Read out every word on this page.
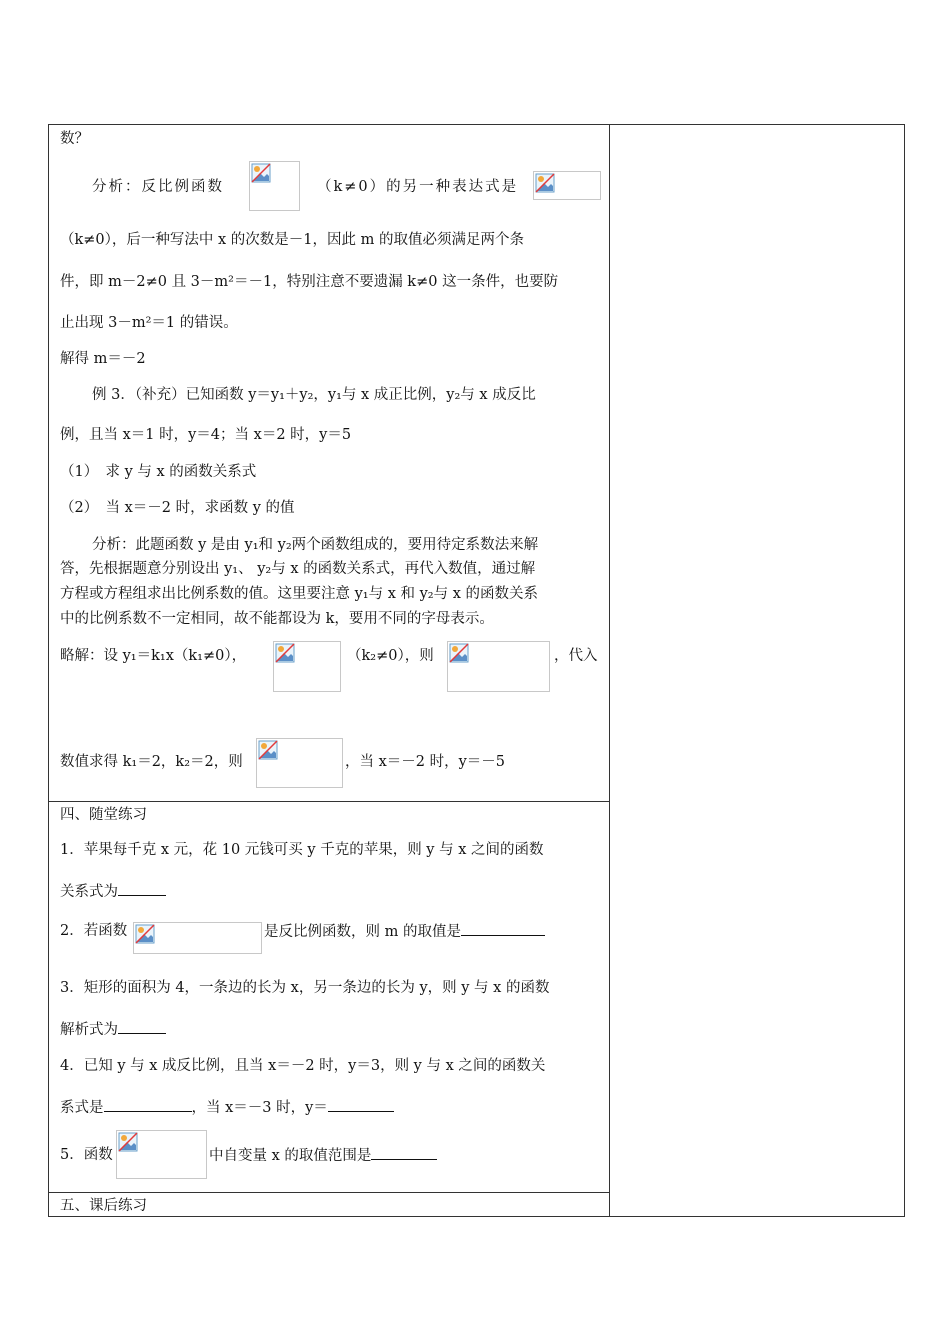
数？
分析：反比例函数	（k≠0）的另一种表达式是
（k≠0），后一种写法中 x 的次数是－1，因此 m 的取值必须满足两个条
件，即 m－2≠0 且 3－m²＝－1，特别注意不要遗漏 k≠0 这一条件，也要防
止出现 3－m²＝1 的错误。
解得 m＝－2
例 3．（补充）已知函数 y＝y₁＋y₂，y₁与 x 成正比例，y₂与 x 成反比
例，且当 x＝1 时，y＝4；当 x＝2 时，y＝5
（1）　求 y 与 x 的函数关系式
（2）　当 x＝－2 时，求函数 y 的值
分析：此题函数 y 是由 y₁和 y₂两个函数组成的，要用待定系数法来解
答，先根据题意分别设出 y₁、 y₂与 x 的函数关系式，再代入数值，通过解
方程或方程组求出比例系数的值。这里要注意 y₁与 x 和 y₂与 x 的函数关系
中的比例系数不一定相同，故不能都设为 k，要用不同的字母表示。
略解：设 y₁＝k₁x（k₁≠0），	（k₂≠0），则	，代入
数值求得 k₁＝2，k₂＝2，则	，当 x＝－2 时，y＝－5
四、随堂练习
1．苹果每千克 x 元，花 10 元钱可买 y 千克的苹果，则 y 与 x 之间的函数
关系式为
2．若函数	是反比例函数，则 m 的取值是
3．矩形的面积为 4，一条边的长为 x，另一条边的长为 y，则 y 与 x 的函数
解析式为
4．已知 y 与 x 成反比例，且当 x＝－2 时，y＝3，则 y 与 x 之间的函数关
系式是	，当 x＝－3 时，y＝
5．函数	中自变量 x 的取值范围是
五、课后练习
